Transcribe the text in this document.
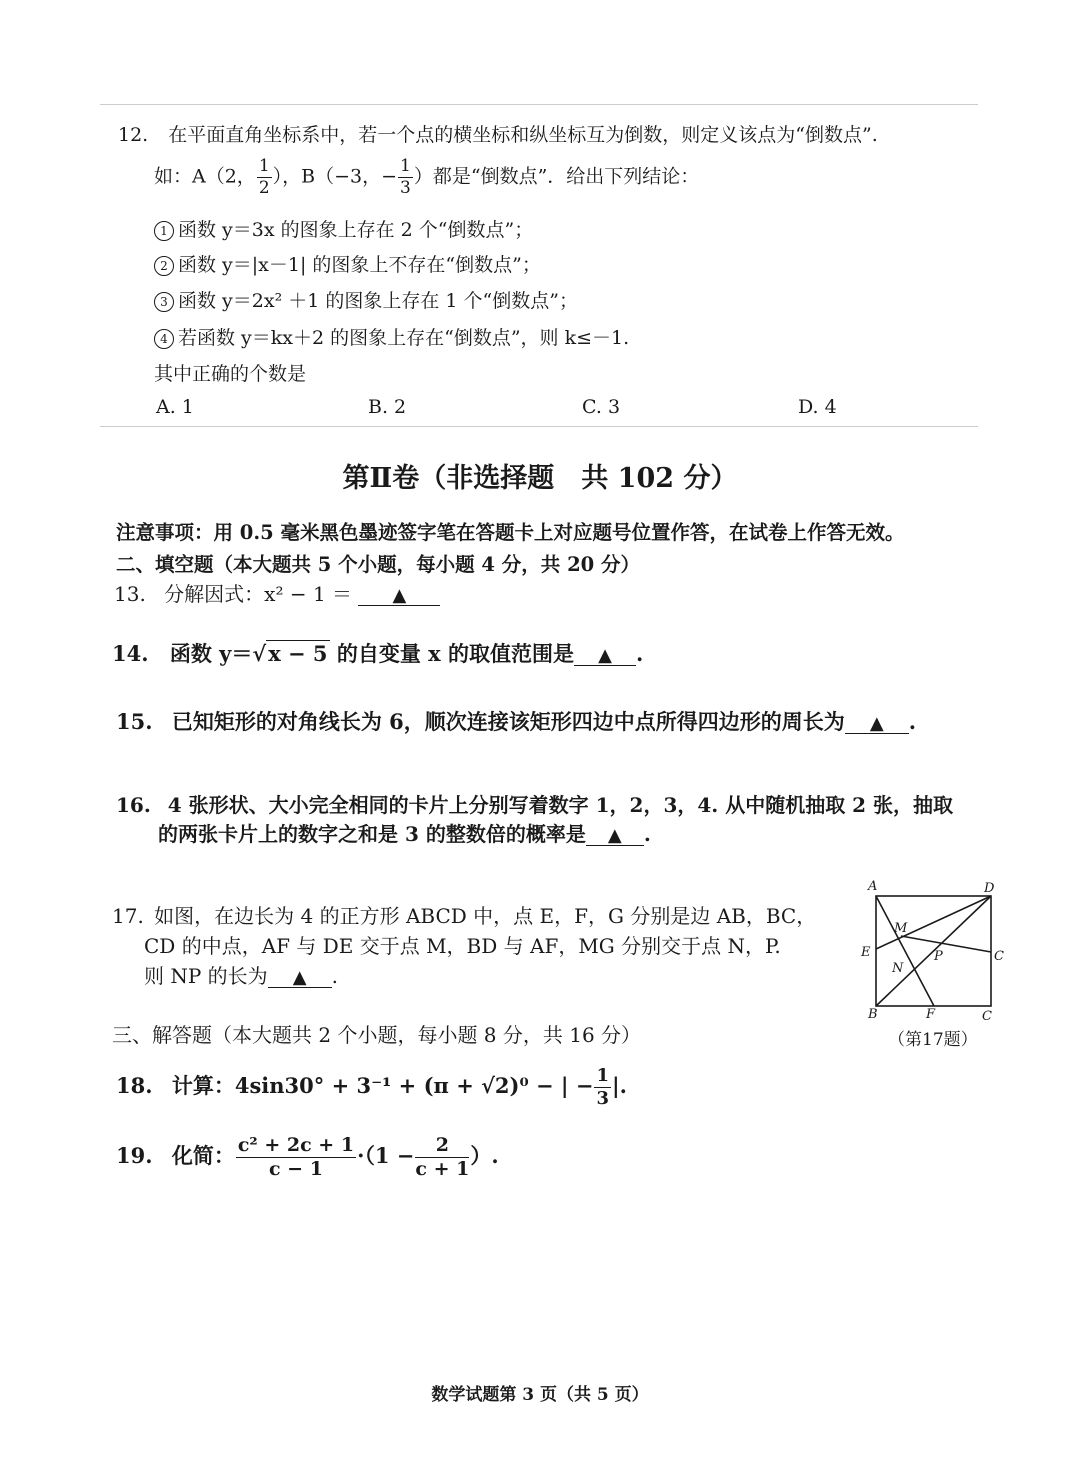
12. 在平面直角坐标系中，若一个点的横坐标和纵坐标互为倒数，则定义该点为“倒数点”.
如：A（2， $\frac{1}{2}$ ），B（−3，− $\frac{1}{3}$ ）都是“倒数点”．给出下列结论：
1 函数 y＝3x 的图象上存在 2 个“倒数点”；
2 函数 y＝|x－1| 的图象上不存在“倒数点”；
3 函数 y＝2x² ＋1 的图象上存在 1 个“倒数点”；
4 若函数 y＝kx＋2 的图象上存在“倒数点”，则 k≤－1.
其中正确的个数是
A. 1	B. 2	C. 3	D. 4
第Ⅱ卷（非选择题　共 102 分）
注意事项：用 0.5 毫米黑色墨迹签字笔在答题卡上对应题号位置作答，在试卷上作答无效。
二、填空题（本大题共 5 个小题，每小题 4 分，共 20 分）
13. 分解因式：x² − 1 ＝ ▲
14. 函数 y＝√x − 5 的自变量 x 的取值范围是 ▲ .
15. 已知矩形的对角线长为 6，顺次连接该矩形四边中点所得四边形的周长为 ▲ .
16. 4 张形状、大小完全相同的卡片上分别写着数字 1，2，3，4. 从中随机抽取 2 张，抽取
的两张卡片上的数字之和是 3 的整数倍的概率是 ▲ .
17. 如图，在边长为 4 的正方形 ABCD 中，点 E，F，G 分别是边 AB，BC，
CD 的中点，AF 与 DE 交于点 M，BD 与 AF，MG 分别交于点 N，P.
则 NP 的长为 ▲ .
A	D
E	C
B	F	C
M
N
P
（第17题）
三、解答题（本大题共 2 个小题，每小题 8 分，共 16 分）
18. 计算：4sin30° + 3⁻¹ + (π + √2)⁰ − | − $\frac{1}{3}$ |.
19. 化简： $\frac{\text{c² + 2c + 1}}{c - 1} \cdot(1 - \frac{2}{c + 1}$ ）.
数学试题第 3 页（共 5 页）
